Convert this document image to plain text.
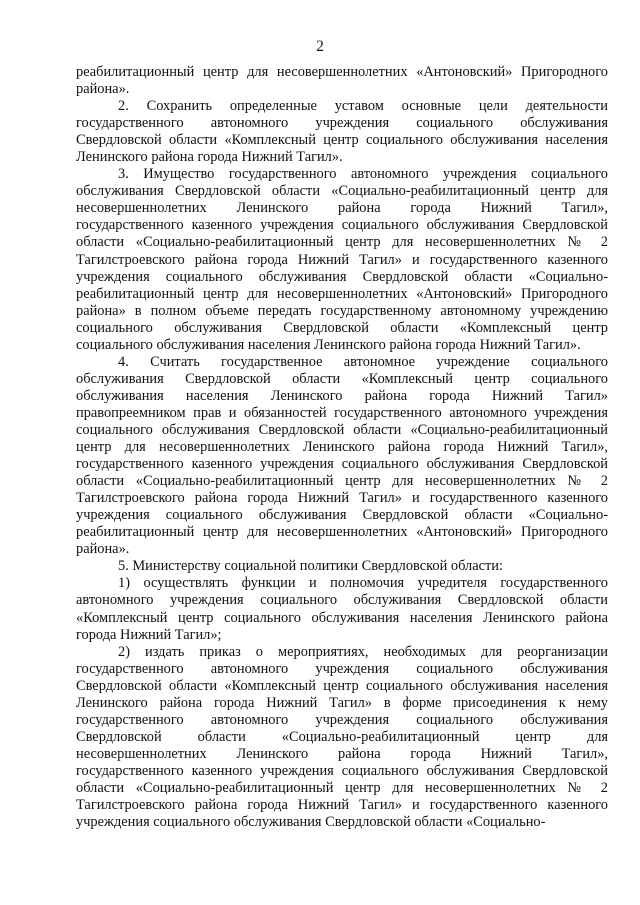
2
реабилитационный центр для несовершеннолетних «Антоновский» Пригородного
района».
2. Сохранить определенные уставом основные цели деятельности
государственного автономного учреждения социального обслуживания
Свердловской области «Комплексный центр социального обслуживания населения
Ленинского района города Нижний Тагил».
3. Имущество государственного автономного учреждения социального
обслуживания Свердловской области «Социально-реабилитационный центр для
несовершеннолетних Ленинского района города Нижний Тагил»,
государственного казенного учреждения социального обслуживания Свердловской
области «Социально-реабилитационный центр для несовершеннолетних № 2
Тагилстроевского района города Нижний Тагил» и государственного казенного
учреждения социального обслуживания Свердловской области «Социально-
реабилитационный центр для несовершеннолетних «Антоновский» Пригородного
района» в полном объеме передать государственному автономному учреждению
социального обслуживания Свердловской области «Комплексный центр
социального обслуживания населения Ленинского района города Нижний Тагил».
4. Считать государственное автономное учреждение социального
обслуживания Свердловской области «Комплексный центр социального
обслуживания населения Ленинского района города Нижний Тагил»
правопреемником прав и обязанностей государственного автономного учреждения
социального обслуживания Свердловской области «Социально-реабилитационный
центр для несовершеннолетних Ленинского района города Нижний Тагил»,
государственного казенного учреждения социального обслуживания Свердловской
области «Социально-реабилитационный центр для несовершеннолетних № 2
Тагилстроевского района города Нижний Тагил» и государственного казенного
учреждения социального обслуживания Свердловской области «Социально-
реабилитационный центр для несовершеннолетних «Антоновский» Пригородного
района».
5. Министерству социальной политики Свердловской области:
1) осуществлять функции и полномочия учредителя государственного
автономного учреждения социального обслуживания Свердловской области
«Комплексный центр социального обслуживания населения Ленинского района
города Нижний Тагил»;
2) издать приказ о мероприятиях, необходимых для реорганизации
государственного автономного учреждения социального обслуживания
Свердловской области «Комплексный центр социального обслуживания населения
Ленинского района города Нижний Тагил» в форме присоединения к нему
государственного автономного учреждения социального обслуживания
Свердловской области «Социально-реабилитационный центр для
несовершеннолетних Ленинского района города Нижний Тагил»,
государственного казенного учреждения социального обслуживания Свердловской
области «Социально-реабилитационный центр для несовершеннолетних № 2
Тагилстроевского района города Нижний Тагил» и государственного казенного
учреждения социального обслуживания Свердловской области «Социально-
